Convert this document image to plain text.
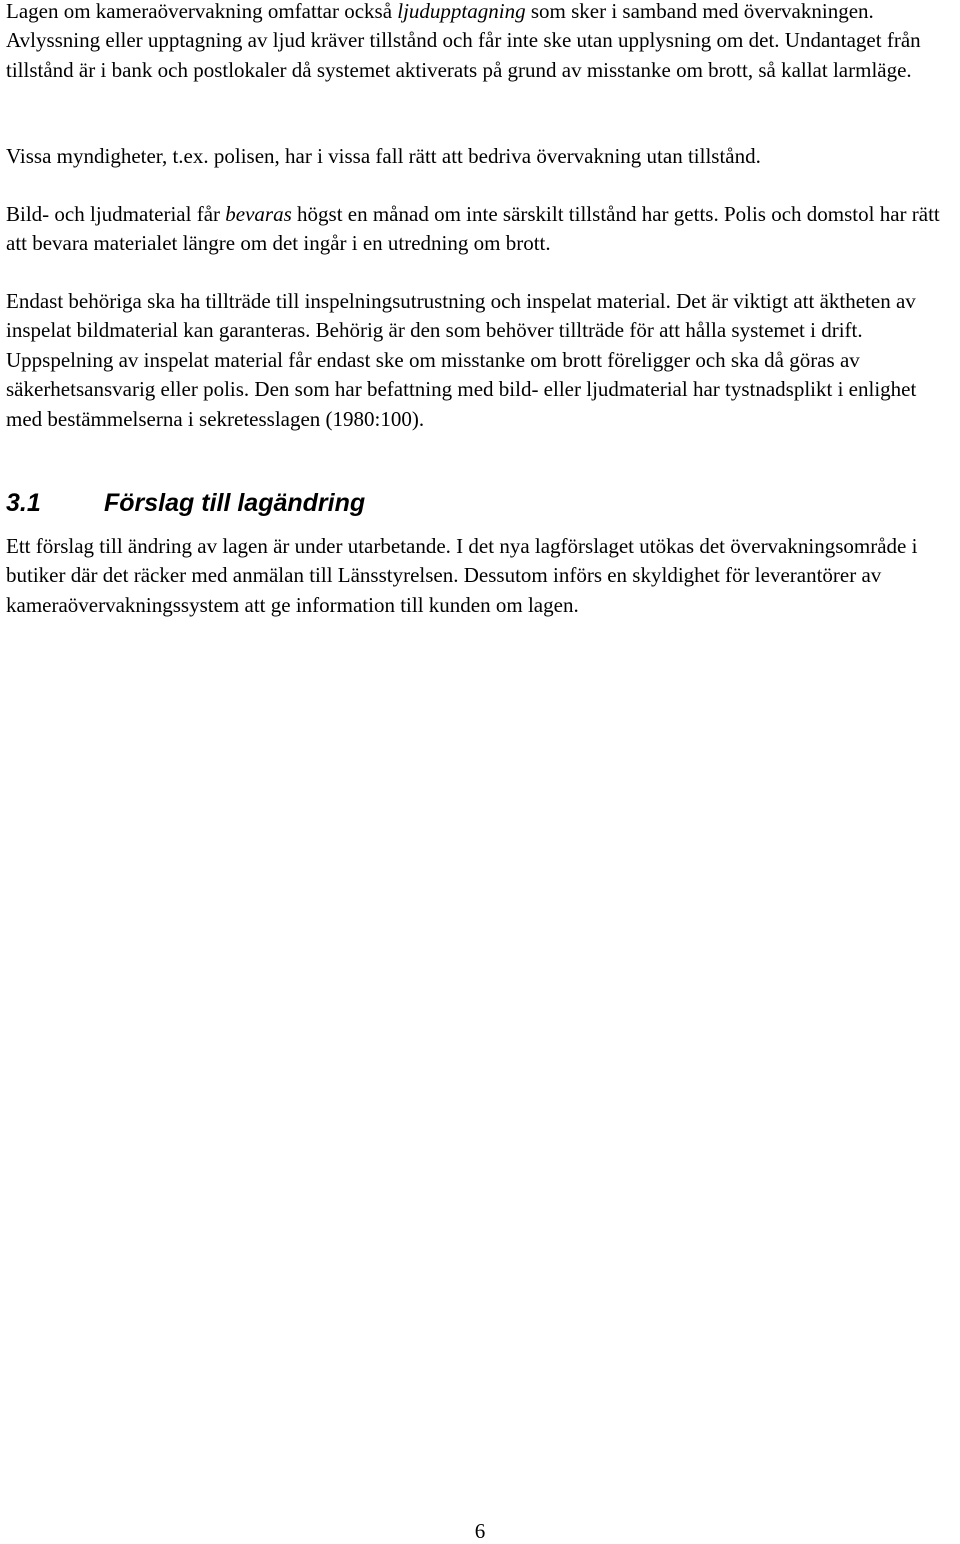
Lagen om kameraövervakning omfattar också ljudupptagning som sker i samband med övervakningen. Avlyssning eller upptagning av ljud kräver tillstånd och får inte ske utan upplysning om det. Undantaget från tillstånd är i bank och postlokaler då systemet aktiverats på grund av misstanke om brott, så kallat larmläge.

Vissa myndigheter, t.ex. polisen, har i vissa fall rätt att bedriva övervakning utan tillstånd.

Bild- och ljudmaterial får bevaras högst en månad om inte särskilt tillstånd har getts. Polis och domstol har rätt att bevara materialet längre om det ingår i en utredning om brott.

Endast behöriga ska ha tillträde till inspelningsutrustning och inspelat material. Det är viktigt att äktheten av inspelat bildmaterial kan garanteras. Behörig är den som behöver tillträde för att hålla systemet i drift. Uppspelning av inspelat material får endast ske om misstanke om brott föreligger och ska då göras av säkerhetsansvarig eller polis. Den som har befattning med bild- eller ljudmaterial har tystnadsplikt i enlighet med bestämmelserna i sekretesslagen (1980:100).

3.1	Förslag till lagändring

Ett förslag till ändring av lagen är under utarbetande. I det nya lagförslaget utökas det övervakningsområde i butiker där det räcker med anmälan till Länsstyrelsen. Dessutom införs en skyldighet för leverantörer av kameraövervakningssystem att ge information till kunden om lagen.

6
